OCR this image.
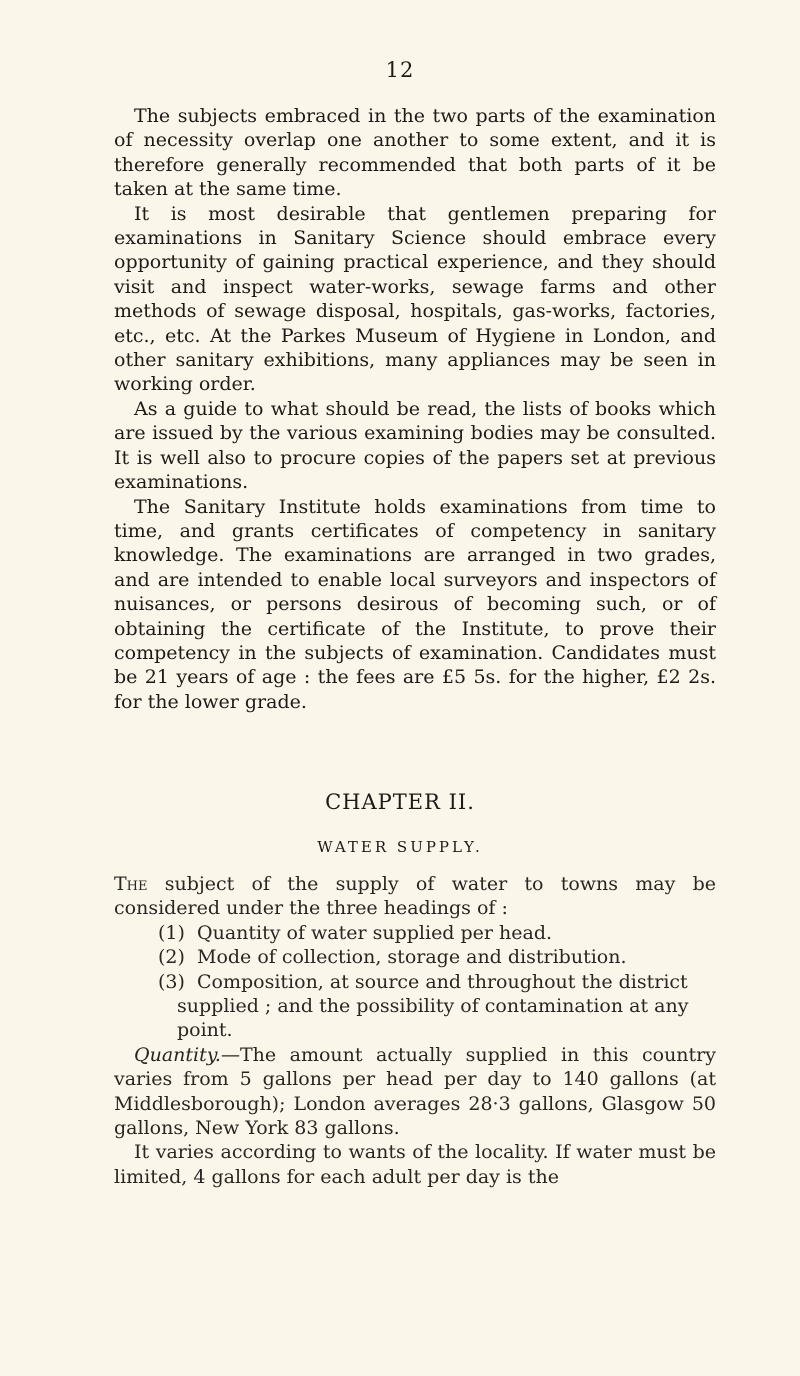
12

The subjects embraced in the two parts of the examination of necessity overlap one another to some extent, and it is therefore generally recommended that both parts of it be taken at the same time.

It is most desirable that gentlemen preparing for examinations in Sanitary Science should embrace every opportunity of gaining practical experience, and they should visit and inspect water-works, sewage farms and other methods of sewage disposal, hospitals, gas-works, factories, etc., etc. At the Parkes Museum of Hygiene in London, and other sanitary exhibitions, many appliances may be seen in working order.

As a guide to what should be read, the lists of books which are issued by the various examining bodies may be consulted. It is well also to procure copies of the papers set at previous examinations.

The Sanitary Institute holds examinations from time to time, and grants certificates of competency in sanitary knowledge. The examinations are arranged in two grades, and are intended to enable local surveyors and inspectors of nuisances, or persons desirous of becoming such, or of obtaining the certificate of the Institute, to prove their competency in the subjects of examination. Candidates must be 21 years of age : the fees are £5 5s. for the higher, £2 2s. for the lower grade.

CHAPTER II.
WATER SUPPLY.

The subject of the supply of water to towns may be considered under the three headings of :

(1) Quantity of water supplied per head.

(2) Mode of collection, storage and distribution.

(3) Composition, at source and throughout the district supplied ; and the possibility of contamination at any point.

Quantity.—The amount actually supplied in this country varies from 5 gallons per head per day to 140 gallons (at Middlesborough); London averages 28·3 gallons, Glasgow 50 gallons, New York 83 gallons.

It varies according to wants of the locality. If water must be limited, 4 gallons for each adult per day is the
